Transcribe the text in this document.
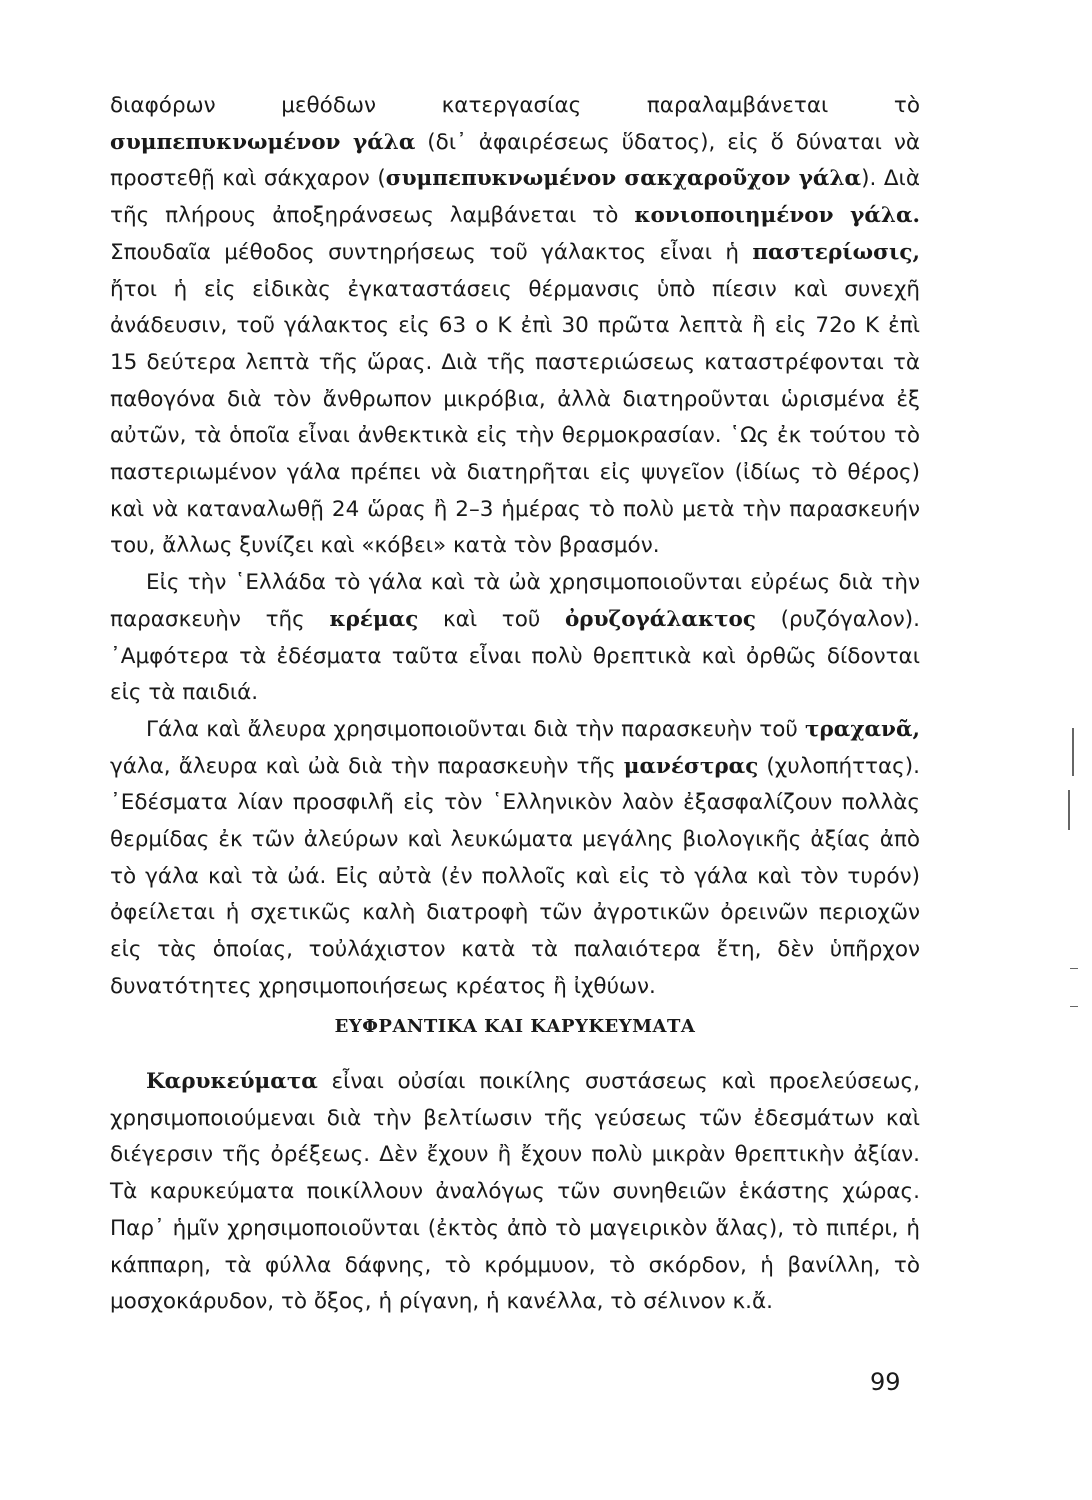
διαφόρων μεθόδων κατεργασίας παραλαμβάνεται τὸ συμπεπυκνωμένον γάλα (δι᾽ ἀφαιρέσεως ὕδατος), εἰς ὅ δύναται νὰ προστεθῇ καὶ σάκχαρον (συμπεπυκνωμένον σακχαροῦχον γάλα). Διὰ τῆς πλήρους ἀποξηράνσεως λαμβάνεται τὸ κονιοποιημένον γάλα. Σπουδαῖα μέθοδος συντηρήσεως τοῦ γάλακτος εἶναι ἡ παστερίωσις, ἤτοι ἡ εἰς εἰδικὰς ἐγκαταστάσεις θέρμανσις ὑπὸ πίεσιν καὶ συνεχῆ ἀνάδευσιν, τοῦ γάλακτος εἰς 63 ο Κ ἐπὶ 30 πρῶτα λεπτὰ ἢ εἰς 72ο Κ ἐπὶ 15 δεύτερα λεπτὰ τῆς ὥρας. Διὰ τῆς παστεριώσεως καταστρέφονται τὰ παθογόνα διὰ τὸν ἄνθρωπον μικρόβια, ἀλλὰ διατηροῦνται ὡρισμένα ἐξ αὐτῶν, τὰ ὁποῖα εἶναι ἀνθεκτικὰ εἰς τὴν θερμοκρασίαν. ῾Ως ἐκ τούτου τὸ παστεριωμένον γάλα πρέπει νὰ διατηρῆται εἰς ψυγεῖον (ἰδίως τὸ θέρος) καὶ νὰ καταναλωθῇ 24 ὥρας ἢ 2–3 ἡμέρας τὸ πολὺ μετὰ τὴν παρασκευήν του, ἄλλως ξυνίζει καὶ «κόβει» κατὰ τὸν βρασμόν.

Εἰς τὴν ῾Ελλάδα τὸ γάλα καὶ τὰ ὠὰ χρησιμοποιοῦνται εὐρέως διὰ τὴν παρασκευὴν τῆς κρέμας καὶ τοῦ ὀρυζογάλακτος (ρυζόγαλον). ᾽Αμφότερα τὰ ἐδέσματα ταῦτα εἶναι πολὺ θρεπτικὰ καὶ ὀρθῶς δίδονται εἰς τὰ παιδιά.

Γάλα καὶ ἄλευρα χρησιμοποιοῦνται διὰ τὴν παρασκευὴν τοῦ τραχανᾶ, γάλα, ἄλευρα καὶ ὠὰ διὰ τὴν παρασκευὴν τῆς μανέστρας (χυλοπήττας). ᾽Εδέσματα λίαν προσφιλῆ εἰς τὸν ῾Ελληνικὸν λαὸν ἐξασφαλίζουν πολλὰς θερμίδας ἐκ τῶν ἀλεύρων καὶ λευκώματα μεγάλης βιολογικῆς ἀξίας ἀπὸ τὸ γάλα καὶ τὰ ὠά. Εἰς αὐτὰ (ἐν πολλοῖς καὶ εἰς τὸ γάλα καὶ τὸν τυρόν) ὀφείλεται ἡ σχετικῶς καλὴ διατροφὴ τῶν ἀγροτικῶν ὀρεινῶν περιοχῶν εἰς τὰς ὁποίας, τοὐλάχιστον κατὰ τὰ παλαιότερα ἔτη, δὲν ὑπῆρχον δυνατότητες χρησιμοποιήσεως κρέατος ἢ ἰχθύων.

ΕΥΦΡΑΝΤΙΚΑ ΚΑΙ ΚΑΡΥΚΕΥΜΑΤΑ

Καρυκεύματα εἶναι οὐσίαι ποικίλης συστάσεως καὶ προελεύσεως, χρησιμοποιούμεναι διὰ τὴν βελτίωσιν τῆς γεύσεως τῶν ἐδεσμάτων καὶ διέγερσιν τῆς ὀρέξεως. Δὲν ἔχουν ἢ ἔχουν πολὺ μικρὰν θρεπτικὴν ἀξίαν. Τὰ καρυκεύματα ποικίλλουν ἀναλόγως τῶν συνηθειῶν ἑκάστης χώρας. Παρ᾽ ἡμῖν χρησιμοποιοῦνται (ἐκτὸς ἀπὸ τὸ μαγειρικὸν ἅλας), τὸ πιπέρι, ἡ κάππαρη, τὰ φύλλα δάφνης, τὸ κρόμμυον, τὸ σκόρδον, ἡ βανίλλη, τὸ μοσχοκάρυδον, τὸ ὄξος, ἡ ρίγανη, ἡ κανέλλα, τὸ σέλινον κ.ἄ.

99
